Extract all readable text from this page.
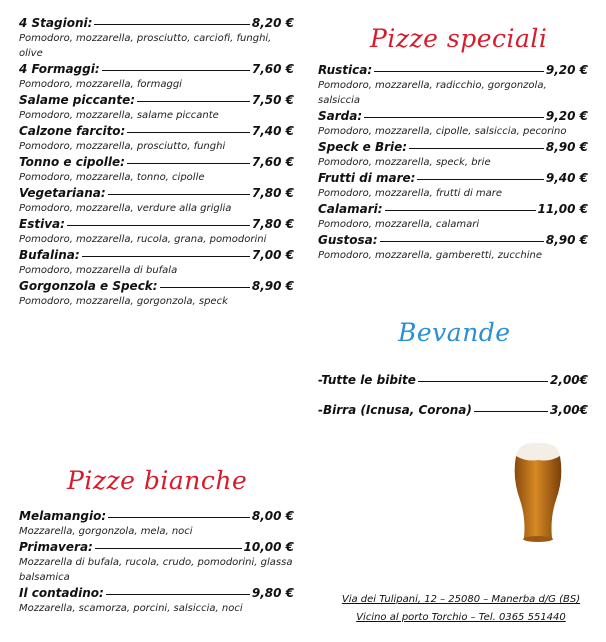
4 Stagioni:	8,20 €
Pomodoro, mozzarella, prosciutto, carciofi, funghi, olive
4 Formaggi:	7,60 €
Pomodoro, mozzarella, formaggi
Salame piccante:	7,50 €
Pomodoro, mozzarella, salame piccante
Calzone farcito:	7,40 €
Pomodoro, mozzarella, prosciutto, funghi
Tonno e cipolle:	7,60 €
Pomodoro, mozzarella, tonno, cipolle
Vegetariana:	7,80 €
Pomodoro, mozzarella, verdure alla griglia
Estiva:	7,80 €
Pomodoro, mozzarella, rucola, grana, pomodorini
Bufalina:	7,00 €
Pomodoro, mozzarella di bufala
Gorgonzola e Speck:	8,90 €
Pomodoro, mozzarella, gorgonzola, speck
Pizze speciali
Rustica:	9,20 €
Pomodoro, mozzarella, radicchio, gorgonzola, salsiccia
Sarda:	9,20 €
Pomodoro, mozzarella, cipolle, salsiccia, pecorino
Speck e Brie:	8,90 €
Pomodoro, mozzarella, speck, brie
Frutti di mare:	9,40 €
Pomodoro, mozzarella, frutti di mare
Calamari:	11,00 €
Pomodoro, mozzarella, calamari
Gustosa:	8,90 €
Pomodoro, mozzarella, gamberetti, zucchine
Bevande
-Tutte le bibite	2,00€
-Birra (Icnusa, Corona)	3,00€
Pizze bianche
Melamangio:	8,00 €
Mozzarella, gorgonzola, mela, noci
Primavera:	10,00 €
Mozzarella di bufala, rucola, crudo, pomodorini, glassa balsamica
Il contadino:	9,80 €
Mozzarella, scamorza, porcini, salsiccia, noci
Via dei Tulipani, 12 – 25080 – Manerba d/G (BS)
Vicino al porto Torchio – Tel. 0365 551440
